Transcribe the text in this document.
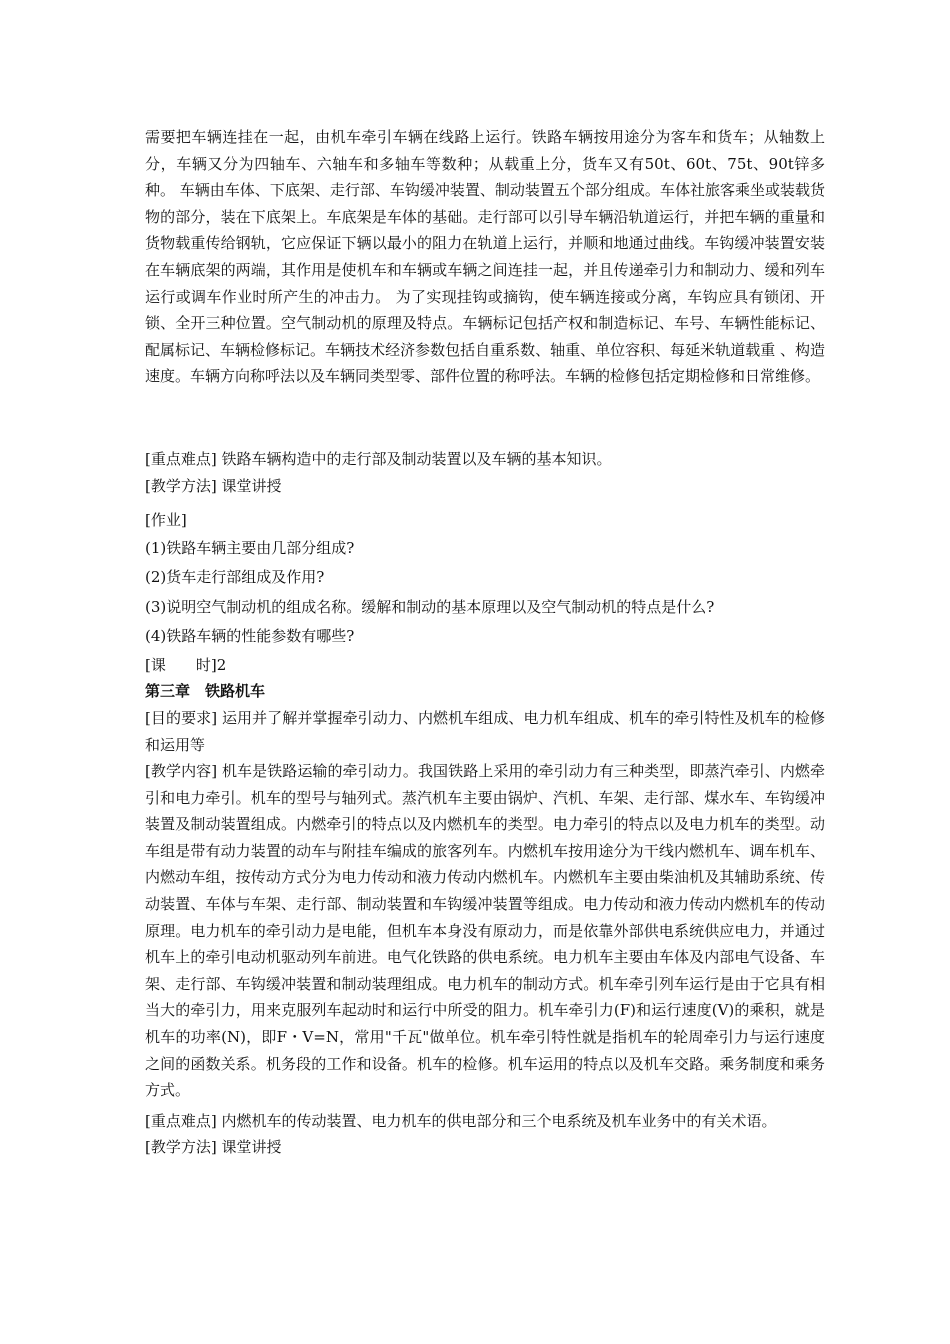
需要把车辆连挂在一起，由机车牵引车辆在线路上运行。铁路车辆按用途分为客车和货车；从轴数上分，车辆又分为四轴车、六轴车和多轴车等数种；从载重上分，货车又有50t、60t、75t、90t锌多种。 车辆由车体、下底架、走行部、车钩缓冲装置、制动装置五个部分组成。车体社旅客乘坐或装载货物的部分，装在下底架上。车底架是车体的基础。走行部可以引导车辆沿轨道运行，并把车辆的重量和货物载重传给钢轨，它应保证下辆以最小的阻力在轨道上运行，并顺和地通过曲线。车钩缓冲装置安装在车辆底架的两端，其作用是使机车和车辆或车辆之间连挂一起，并且传递牵引力和制动力、缓和列车运行或调车作业时所产生的冲击力。 为了实现挂钩或摘钩，使车辆连接或分离，车钩应具有锁闭、开锁、全开三种位置。空气制动机的原理及特点。车辆标记包括产权和制造标记、车号、车辆性能标记、配属标记、车辆检修标记。车辆技术经济参数包括自重系数、轴重、单位容积、每延米轨道载重 、构造速度。车辆方向称呼法以及车辆同类型零、部件位置的称呼法。车辆的检修包括定期检修和日常维修。

[重点难点] 铁路车辆构造中的走行部及制动装置以及车辆的基本知识。

[教学方法] 课堂讲授

[作业]

(1)铁路车辆主要由几部分组成?

(2)货车走行部组成及作用?

(3)说明空气制动机的组成名称。缓解和制动的基本原理以及空气制动机的特点是什么?

(4)铁路车辆的性能参数有哪些?

[课　　时]2

第三章　铁路机车

[目的要求] 运用并了解并掌握牵引动力、内燃机车组成、电力机车组成、机车的牵引特性及机车的检修和运用等

[教学内容] 机车是铁路运输的牵引动力。我国铁路上采用的牵引动力有三种类型，即蒸汽牵引、内燃牵引和电力牵引。机车的型号与轴列式。蒸汽机车主要由锅炉、汽机、车架、走行部、煤水车、车钩缓冲装置及制动装置组成。内燃牵引的特点以及内燃机车的类型。电力牵引的特点以及电力机车的类型。动车组是带有动力装置的动车与附挂车编成的旅客列车。内燃机车按用途分为干线内燃机车、调车机车、内燃动车组，按传动方式分为电力传动和液力传动内燃机车。内燃机车主要由柴油机及其辅助系统、传动装置、车体与车架、走行部、制动装置和车钩缓冲装置等组成。电力传动和液力传动内燃机车的传动原理。电力机车的牵引动力是电能，但机车本身没有原动力，而是依靠外部供电系统供应电力，并通过机车上的牵引电动机驱动列车前进。电气化铁路的供电系统。电力机车主要由车体及内部电气设备、车架、走行部、车钩缓冲装置和制动装理组成。电力机车的制动方式。机车牵引列车运行是由于它具有相当大的牵引力，用来克服列车起动时和运行中所受的阻力。机车牵引力(F)和运行速度(V)的乘积，就是机车的功率(N)，即F・V=N，常用"千瓦"做单位。机车牵引特性就是指机车的轮周牵引力与运行速度之间的函数关系。机务段的工作和设备。机车的检修。机车运用的特点以及机车交路。乘务制度和乘务方式。

[重点难点] 内燃机车的传动装置、电力机车的供电部分和三个电系统及机车业务中的有关术语。

[教学方法] 课堂讲授
